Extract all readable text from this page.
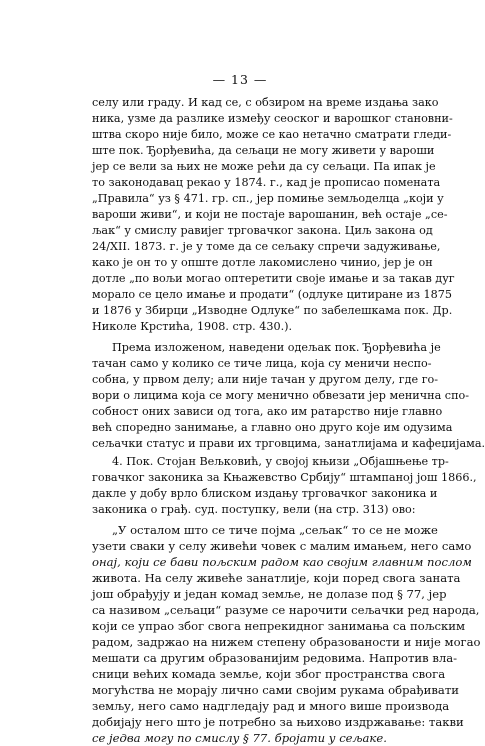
— 13 —
селу или граду. И кад се, с обзиром на време издања зако
ника, узме да разлике између сеоског и варошког становни-
штва скоро није било, може се као нетачно сматрати гледи-
ште пок. Ђорђевића, да сељаци не могу живети у вароши
јер се вели за њих не може рећи да су сељаци. Па ипак је
то законодавац рекао у 1874. г., кад је прописао помената
„Правила“ уз § 471. гр. сп., јер помиње земљоделца „који у
вароши живи“, и који не постаје варошанин, већ остаје „се-
љак“ у смислу равијег трговачког закона. Циљ закона од
24/XII. 1873. г. је у томе да се сељаку спречи задуживање,
како је он то у опште дотле лакомислено чинио, јер је он
дотле „по вољи могао оптеретити своје имање и за такав дуг
морало се цело имање и продати“ (одлуке цитиране из 1875
и 1876 у Збирци „Изводне Одлуке“ по забелешкама пок. Др.
Николе Крстића, 1908. стр. 430.).
Према изложеном, наведени одељак пок. Ђорђевића је
тачан само у колико се тиче лица, која су меничи неспо-
собна, у првом делу; али није тачан у другом делу, где го-
вори о лицима која се могу менично обвезати јер менична спо-
собност оних зависи од тога, ако им ратарство није главно
већ споредно занимање, а главно оно друго које им одузима
сељачки статус и прави их трговцима, занатлијама и кафеџијама.
4. Пок. Стојан Вељковић, у својој књизи „Објашњење тр-
говачког законика за Књажевство Србију“ штампаној још 1866.,
дакле у добу врло блиском издању трговачког законика и
законика о грађ. суд. поступку, вели (на стр. 313) ово:
„У осталом што се тиче појма „сељак“ то се не може
узети сваки у селу живећи човек с малим имањем, него само
онај, који се бави пољским радом као својим главним послом
живота. На селу живеће занатлије, који поред свога заната
још обрађују и један комад земље, не долазе под § 77, јер
са називом „сељаци“ разуме се нарочити сељачки ред народа,
који се упрао због свога непрекидног занимања са пољским
радом, задржао на нижем степену образованости и није могао
мешати са другим образованијим редовима. Напротив вла-
сници већих комада земље, који због пространства свога
могућства не морају лично сами својим рукама обрађивати
земљу, него само надгледају рад и много више производа
добијају него што је потребно за њихово издржавање: такви
се једва могу по смислу § 77. бројати у сељаке.
